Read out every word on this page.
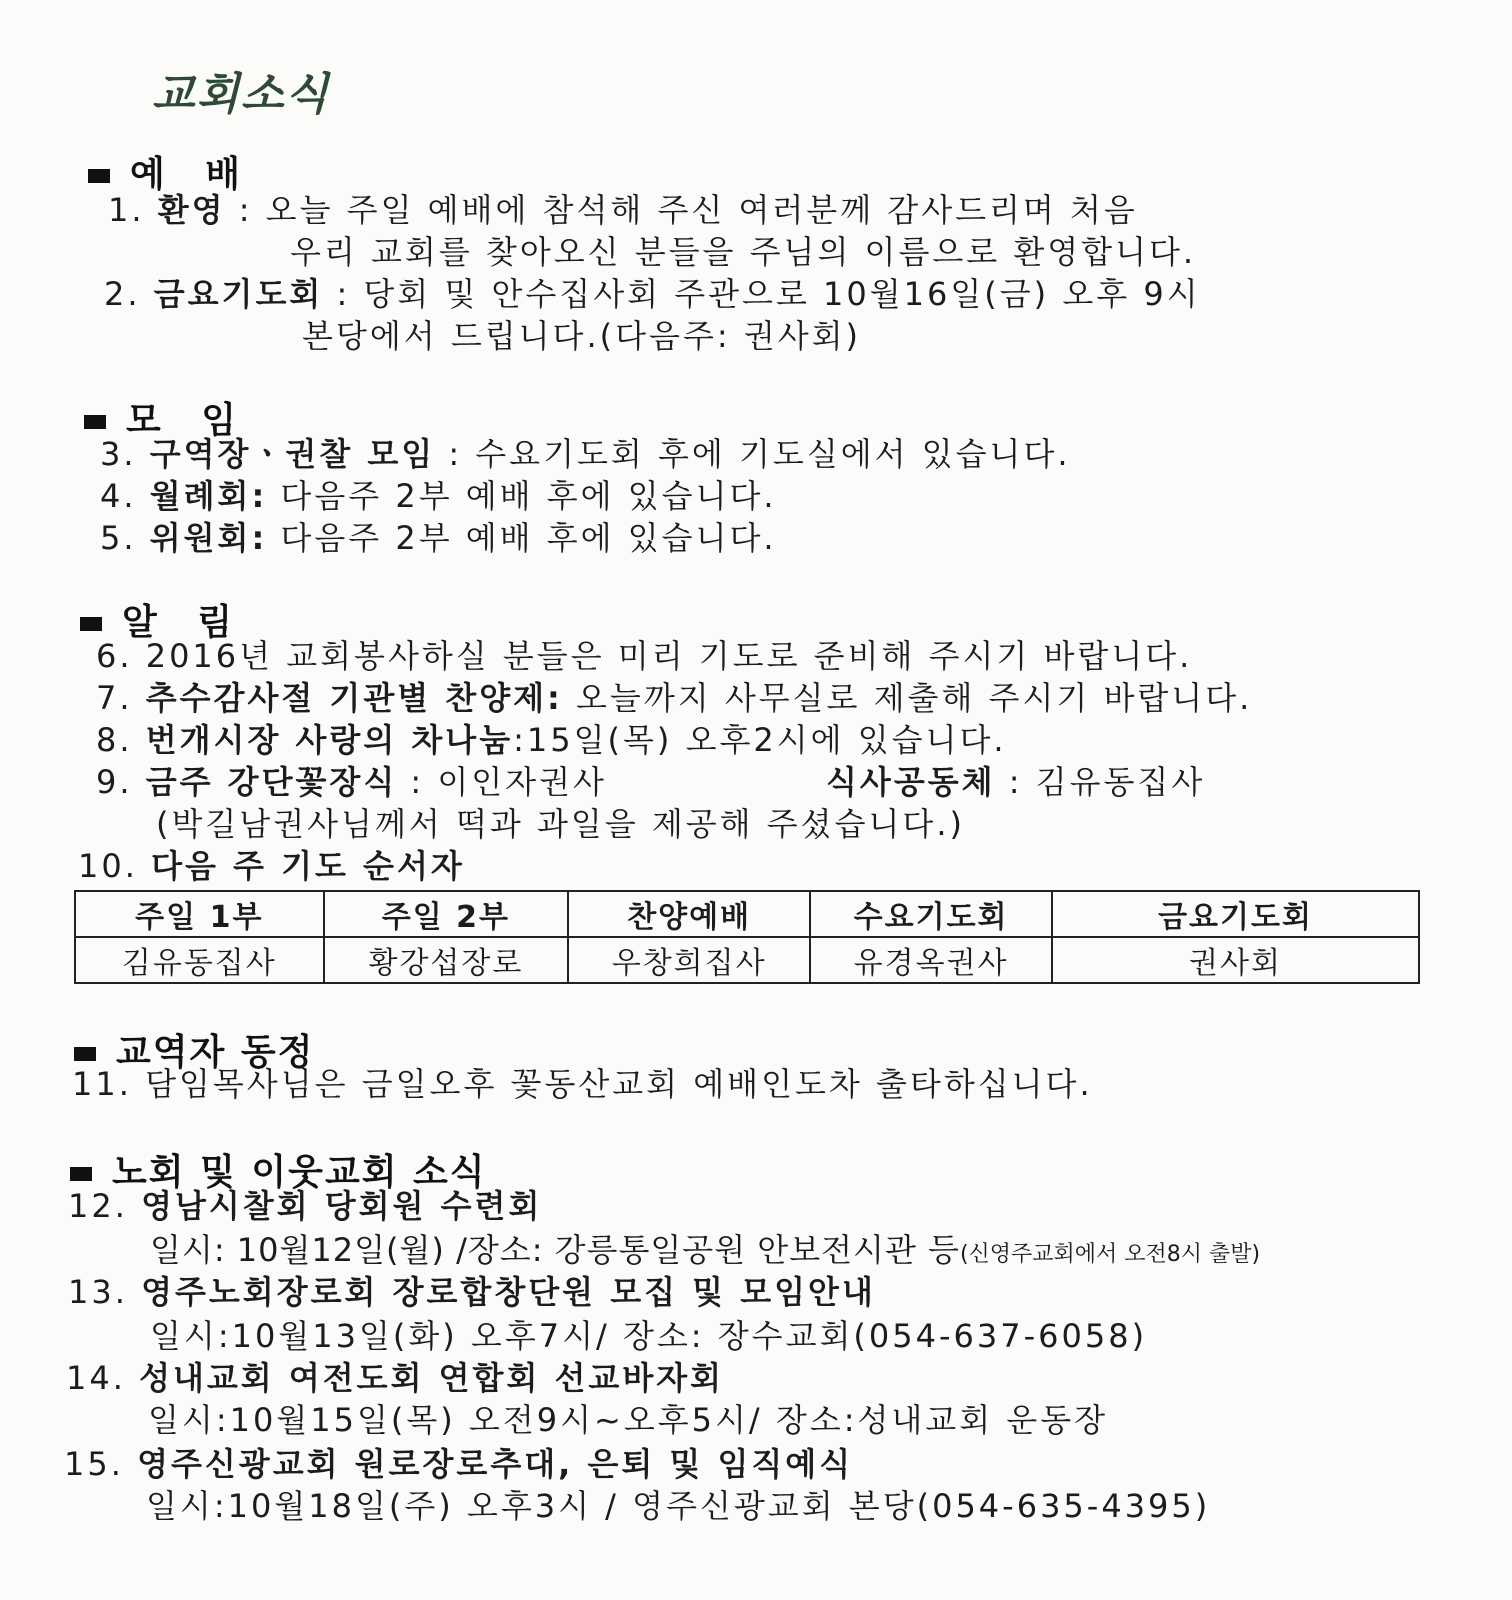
교회소식
예 배
1. 환영 : 오늘 주일 예배에 참석해 주신 여러분께 감사드리며 처음
우리 교회를 찾아오신 분들을 주님의 이름으로 환영합니다.
2. 금요기도회 : 당회 및 안수집사회 주관으로 10월16일(금) 오후 9시
본당에서 드립니다.(다음주: 권사회)
모 임
3. 구역장ㆍ권찰 모임 : 수요기도회 후에 기도실에서 있습니다.
4. 월례회: 다음주 2부 예배 후에 있습니다.
5. 위원회: 다음주 2부 예배 후에 있습니다.
알 림
6. 2016년 교회봉사하실 분들은 미리 기도로 준비해 주시기 바랍니다.
7. 추수감사절 기관별 찬양제: 오늘까지 사무실로 제출해 주시기 바랍니다.
8. 번개시장 사랑의 차나눔:15일(목) 오후2시에 있습니다.
9. 금주 강단꽃장식 : 이인자권사	식사공동체 : 김유동집사
(박길남권사님께서 떡과 과일을 제공해 주셨습니다.)
10. 다음 주 기도 순서자
주일 1부	주일 2부	찬양예배	수요기도회	금요기도회
김유동집사	황강섭장로	우창희집사	유경옥권사	권사회
교역자 동정
11. 담임목사님은 금일오후 꽃동산교회 예배인도차 출타하십니다.
노회 및 이웃교회 소식
12. 영남시찰회 당회원 수련회
일시: 10월12일(월) /장소: 강릉통일공원 안보전시관 등(신영주교회에서 오전8시 출발)
13. 영주노회장로회 장로합창단원 모집 및 모임안내
일시:10월13일(화) 오후7시/ 장소: 장수교회(054-637-6058)
14. 성내교회 여전도회 연합회 선교바자회
일시:10월15일(목) 오전9시~오후5시/ 장소:성내교회 운동장
15. 영주신광교회 원로장로추대, 은퇴 및 임직예식
일시:10월18일(주) 오후3시 / 영주신광교회 본당(054-635-4395)
